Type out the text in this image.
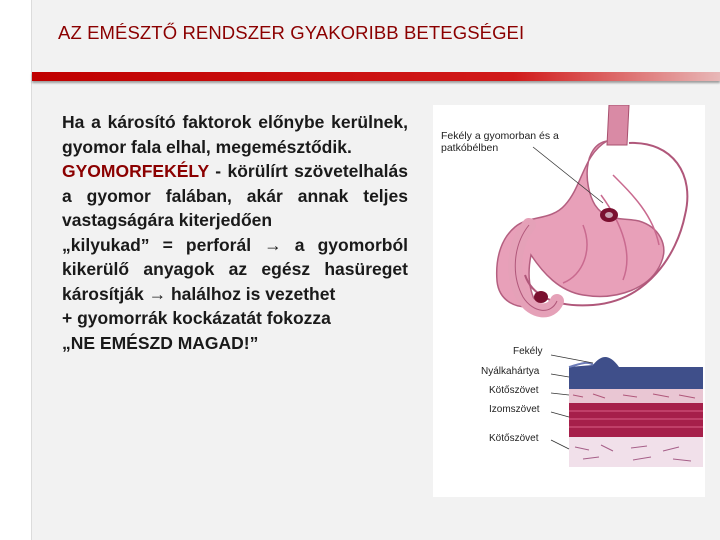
AZ EMÉSZTŐ RENDSZER GYAKORIBB BETEGSÉGEI

Ha a károsító faktorok előnybe kerülnek, gyomor fala elhal, megemésztődik.

GYOMORFEKÉLY - körülírt szövetelhalás a gyomor falában, akár annak teljes vastagságára kiterjedően

„kilyukad” = perforál → a gyomorból kikerülő anyagok az egész hasüreget károsítják → halálhoz is vezethet

+ gyomorrák kockázatát fokozza

„NE EMÉSZD MAGAD!”

Fekély a gyomorban és a patkóbélben
Fekély
Nyálkahártya
Kötőszövet
Izomszövet
Kötőszövet
